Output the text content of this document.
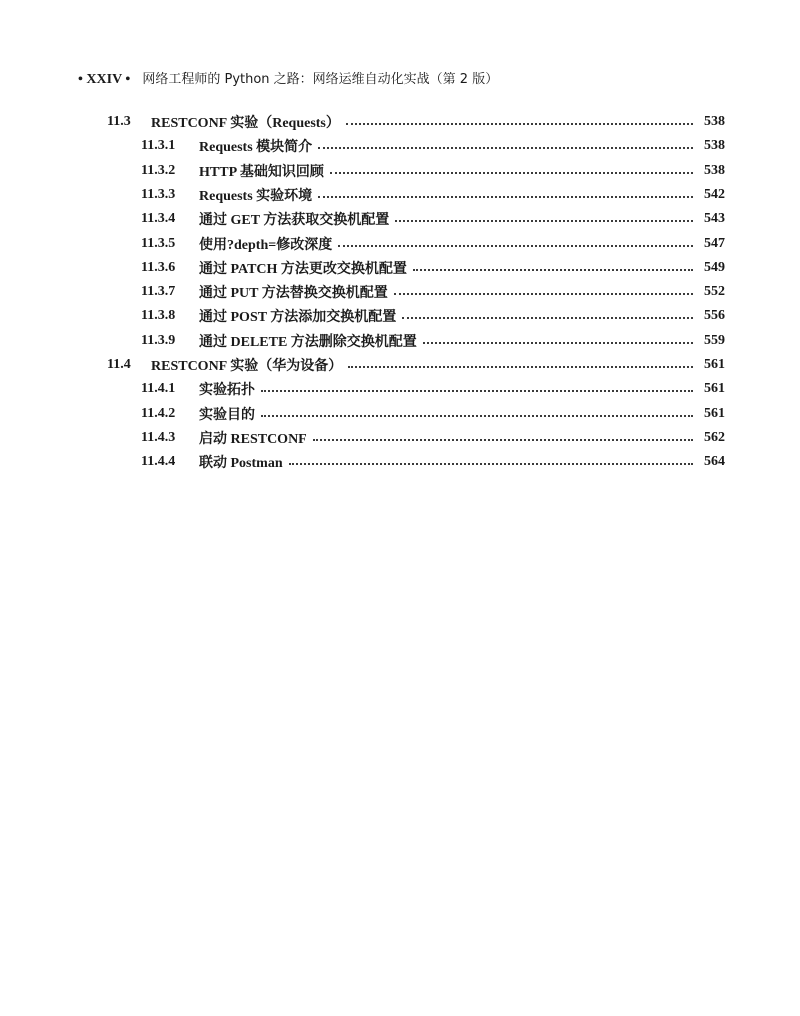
• XXIV • 网络工程师的 Python 之路：网络运维自动化实战（第 2 版）
11.3	RESTCONF 实验（Requests）	538
11.3.1	Requests 模块简介	538
11.3.2	HTTP 基础知识回顾	538
11.3.3	Requests 实验环境	542
11.3.4	通过 GET 方法获取交换机配置	543
11.3.5	使用?depth=修改深度	547
11.3.6	通过 PATCH 方法更改交换机配置	549
11.3.7	通过 PUT 方法替换交换机配置	552
11.3.8	通过 POST 方法添加交换机配置	556
11.3.9	通过 DELETE 方法删除交换机配置	559
11.4	RESTCONF 实验（华为设备）	561
11.4.1	实验拓扑	561
11.4.2	实验目的	561
11.4.3	启动 RESTCONF	562
11.4.4	联动 Postman	564
